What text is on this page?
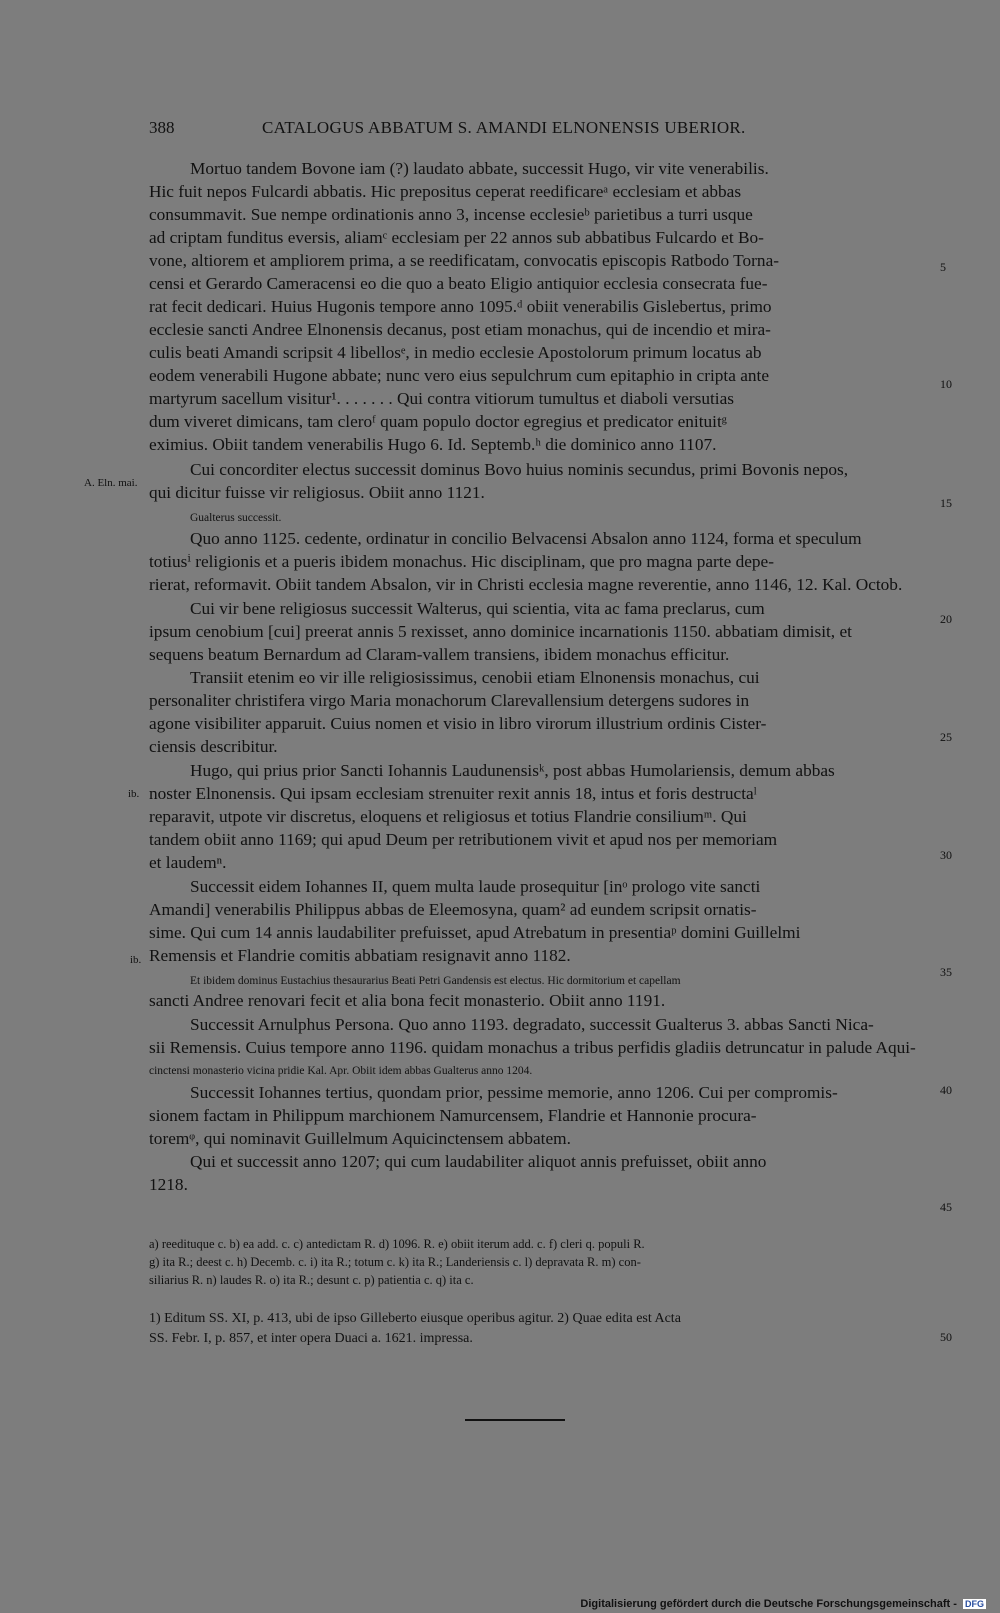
388	CATALOGUS ABBATUM S. AMANDI ELNONENSIS UBERIOR.
Mortuo tandem Bovone iam (?) laudato abbate, successit Hugo, vir vite venerabilis.
Hic fuit nepos Fulcardi abbatis. Hic prepositus ceperat reedificareᵃ ecclesiam et abbas
consummavit. Sue nempe ordinationis anno 3, incense ecclesieᵇ parietibus a turri usque
ad criptam funditus eversis, aliamᶜ ecclesiam per 22 annos sub abbatibus Fulcardo et Bo-
vone, altiorem et ampliorem prima, a se reedificatam, convocatis episcopis Ratbodo Torna-
censi et Gerardo Cameracensi eo die quo a beato Eligio antiquior ecclesia consecrata fue-
rat fecit dedicari. Huius Hugonis tempore anno 1095.ᵈ obiit venerabilis Gislebertus, primo
ecclesie sancti Andree Elnonensis decanus, post etiam monachus, qui de incendio et mira-
culis beati Amandi scripsit 4 libellosᵉ, in medio ecclesie Apostolorum primum locatus ab
eodem venerabili Hugone abbate; nunc vero eius sepulchrum cum epitaphio in cripta ante
martyrum sacellum visitur¹. . . . . . . Qui contra vitiorum tumultus et diaboli versutias
dum viveret dimicans, tam cleroᶠ quam populo doctor egregius et predicator enituitᵍ
eximius. Obiit tandem venerabilis Hugo 6. Id. Septemb.ʰ die dominico anno 1107.
Cui concorditer electus successit dominus Bovo huius nominis secundus, primi Bovonis nepos,
qui dicitur fuisse vir religiosus. Obiit anno 1121.
Gualterus successit.
Quo anno 1125. cedente, ordinatur in concilio Belvacensi Absalon anno 1124, forma et speculum
totiusⁱ religionis et a pueris ibidem monachus. Hic disciplinam, que pro magna parte depe-
rierat, reformavit. Obiit tandem Absalon, vir in Christi ecclesia magne reverentie, anno 1146, 12. Kal. Octob.
Cui vir bene religiosus successit Walterus, qui scientia, vita ac fama preclarus, cum
ipsum cenobium [cui] preerat annis 5 rexisset, anno dominice incarnationis 1150. abbatiam dimisit, et
sequens beatum Bernardum ad Claram-vallem transiens, ibidem monachus efficitur.
Transiit etenim eo vir ille religiosissimus, cenobii etiam Elnonensis monachus, cui
personaliter christifera virgo Maria monachorum Clarevallensium detergens sudores in
agone visibiliter apparuit. Cuius nomen et visio in libro virorum illustrium ordinis Cister-
ciensis describitur.
Hugo, qui prius prior Sancti Iohannis Laudunensisᵏ, post abbas Humolariensis, demum abbas
noster Elnonensis. Qui ipsam ecclesiam strenuiter rexit annis 18, intus et foris destructaˡ
reparavit, utpote vir discretus, eloquens et religiosus et totius Flandrie consiliumᵐ. Qui
tandem obiit anno 1169; qui apud Deum per retributionem vivit et apud nos per memoriam
et laudemⁿ.
Successit eidem Iohannes II, quem multa laude prosequitur [inᵒ prologo vite sancti
Amandi] venerabilis Philippus abbas de Eleemosyna, quam² ad eundem scripsit ornatis-
sime. Qui cum 14 annis laudabiliter prefuisset, apud Atrebatum in presentiaᵖ domini Guillelmi
Remensis et Flandrie comitis abbatiam resignavit anno 1182.
Et ibidem dominus Eustachius thesaurarius Beati Petri Gandensis est electus. Hic dormitorium et capellam
sancti Andree renovari fecit et alia bona fecit monasterio. Obiit anno 1191.
Successit Arnulphus Persona. Quo anno 1193. degradato, successit Gualterus 3. abbas Sancti Nica-
sii Remensis. Cuius tempore anno 1196. quidam monachus a tribus perfidis gladiis detruncatur in palude Aqui-
cinctensi monasterio vicina pridie Kal. Apr. Obiit idem abbas Gualterus anno 1204.
Successit Iohannes tertius, quondam prior, pessime memorie, anno 1206. Cui per compromis-
sionem factam in Philippum marchionem Namurcensem, Flandrie et Hannonie procura-
toremᵠ, qui nominavit Guillelmum Aquicinctensem abbatem.
Qui et successit anno 1207; qui cum laudabiliter aliquot annis prefuisset, obiit anno
1218.
5
10
15
20
25
30
35
40
45
50
A. Eln. mai.
ib.
ib.
a) reedituque c. b) ea add. c. c) antedictam R. d) 1096. R. e) obiit iterum add. c. f) cleri q. populi R.
g) ita R.; deest c. h) Decemb. c. i) ita R.; totum c. k) ita R.; Landeriensis c. l) depravata R. m) con-
siliarius R. n) laudes R. o) ita R.; desunt c. p) patientia c. q) ita c.
1) Editum SS. XI, p. 413, ubi de ipso Gilleberto eiusque operibus agitur. 2) Quae edita est Acta
SS. Febr. I, p. 857, et inter opera Duaci a. 1621. impressa.
Digitalisierung gefördert durch die Deutsche Forschungsgemeinschaft - DFG
